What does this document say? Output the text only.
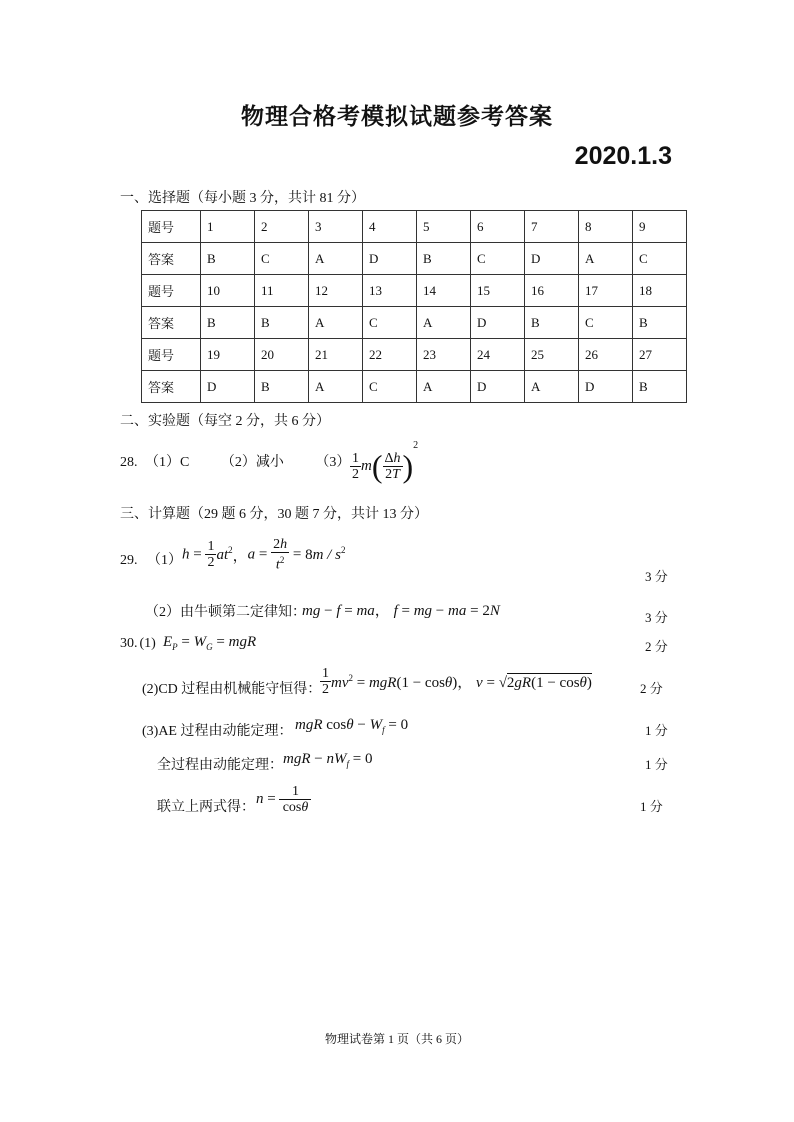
物理合格考模拟试题参考答案
2020.1.3
一、选择题（每小题 3 分，共计 81 分）
题号	1	2	3	4	5	6	7	8	9
答案	B	C	A	D	B	C	D	A	C
题号	10	11	12	13	14	15	16	17	18
答案	B	B	A	C	A	D	B	C	B
题号	19	20	21	22	23	24	25	26	27
答案	D	B	A	C	A	D	A	D	B
二、实验题（每空 2 分，共 6 分）
28. （1）C （2）减小 $(3) \frac{1}{2} m( \frac{\Delta h}{2T} )^2$
三、计算题（29 题 6 分，30 题 7 分，共计 13 分）
29. （1） $h = \frac{1}{2} at^2$，$a = \frac{2h}{t^2} = 8m / s^2$
3 分
（2）由牛顿第二定律知：
mg − f = ma， f = mg − ma = 2N	3 分
30. (1) $E_P = W_G$ = mgR	2 分
(2)CD 过程由机械能守恒得：
$\frac{1}{2} mv^2 = mgR(1 - \cos\theta)$， v = √2gR(1 − cosθ)	2 分
(3)AE 过程由动能定理： mgR $\cos\theta - W_f = 0$	1 分
全过程由动能定理： mgR − $nW_f = 0$	1 分
联立上两式得：
$n = \frac{1}{\cos\theta}$	1 分
物理试卷第 1 页（共 6 页）
